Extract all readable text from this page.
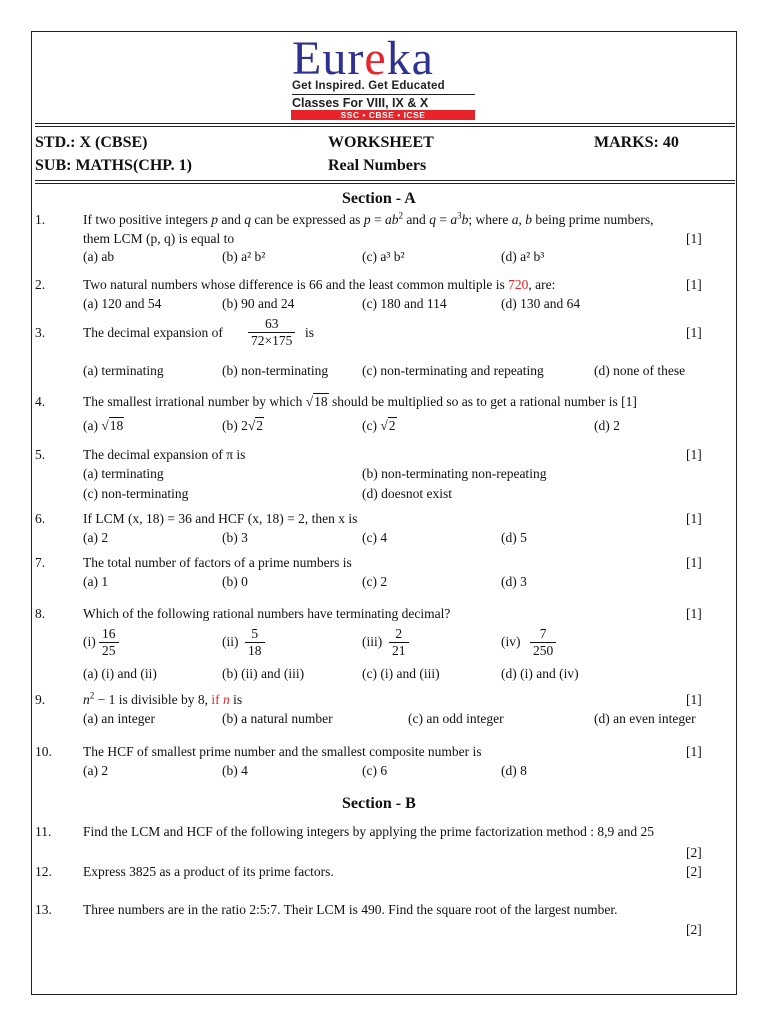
Eureka
Get Inspired. Get Educated
Classes For VIII, IX & X
SSC • CBSE • ICSE
STD.: X (CBSE)	WORKSHEET	MARKS: 40
SUB: MATHS(CHP. 1)	Real Numbers
Section - A
1.	If two positive integers p and q can be expressed as $p = ab^2$ and $q = a^3b$; where a, b being prime numbers,
them LCM (p, q) is equal to	[1]
(a) ab	(b) a² b²	(c) a³ b²	(d) a² b³
2.	Two natural numbers whose difference is 66 and the least common multiple is 720, are:	[1]
(a) 120 and 54	(b) 90 and 24	(c) 180 and 114	(d) 130 and 64
3.	The decimal expansion of $\frac{63}{72\times 175}$ is	[1]
(a) terminating	(b) non-terminating	(c) non-terminating and repeating	(d) none of these
4.	The smallest irrational number by which √18 should be multiplied so as to get a rational number is [1]
(a) √18	(b) 2√2	(c) √2	(d) 2
5.	The decimal expansion of π is	[1]
(a) terminating	(b) non-terminating non-repeating
(c) non-terminating	(d) doesnot exist
6.	If LCM (x, 18) = 36 and HCF (x, 18) = 2, then x is	[1]
(a) 2	(b) 3	(c) 4	(d) 5
7.	The total number of factors of a prime numbers is	[1]
(a) 1	(b) 0	(c) 2	(d) 3
8.	Which of the following rational numbers have terminating decimal?	[1]
$(i) \frac{16}{25}$	$(ii) \frac{5}{18}$	$(iii) \frac{2}{21}$	$(iv) \frac{7}{250}$
(a) (i) and (ii)	(b) (ii) and (iii)	(c) (i) and (iii)	(d) (i) and (iv)
9.	$n^2 - 1$ is divisible by 8, if n is	[1]
(a) an integer	(b) a natural number	(c) an odd integer	(d) an even integer
10. The HCF of smallest prime number and the smallest composite number is	[1]
(a) 2	(b) 4	(c) 6	(d) 8
Section - B
11. Find the LCM and HCF of the following integers by applying the prime factorization method : 8,9 and 25
[2]
12. Express 3825 as a product of its prime factors.	[2]
13. Three numbers are in the ratio 2:5:7. Their LCM is 490. Find the square root of the largest number.
[2]
